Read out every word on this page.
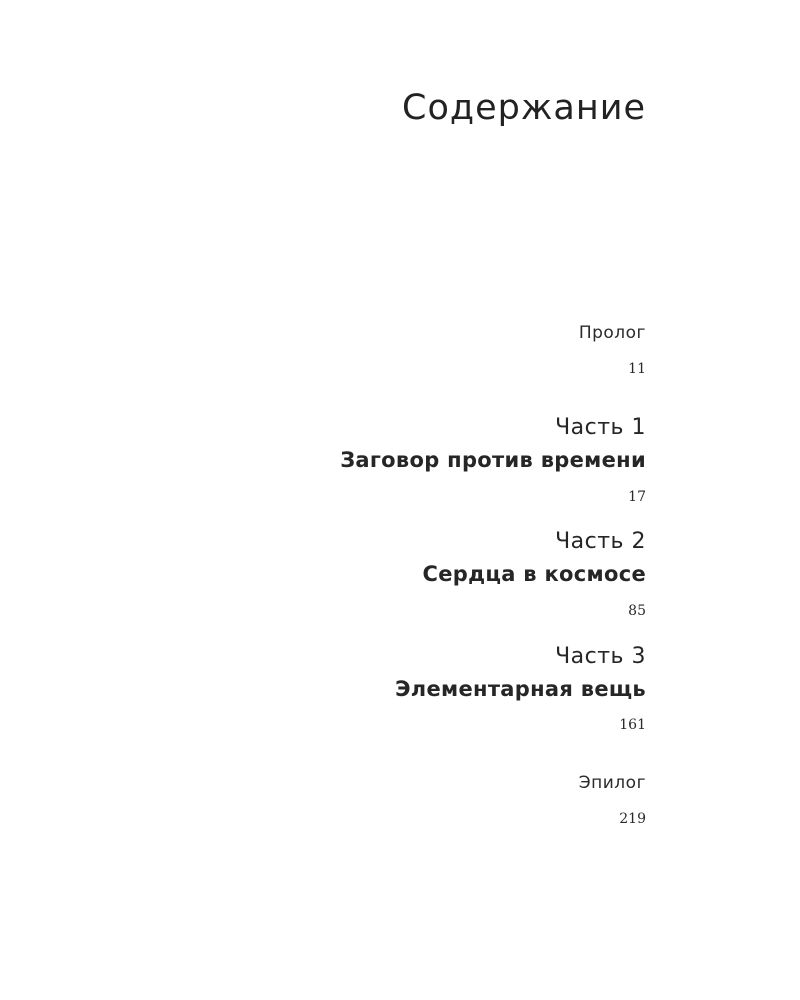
Содержание
Пролог
11
Часть 1
Заговор против времени
17
Часть 2
Сердца в космосе
85
Часть 3
Элементарная вещь
161
Эпилог
219
